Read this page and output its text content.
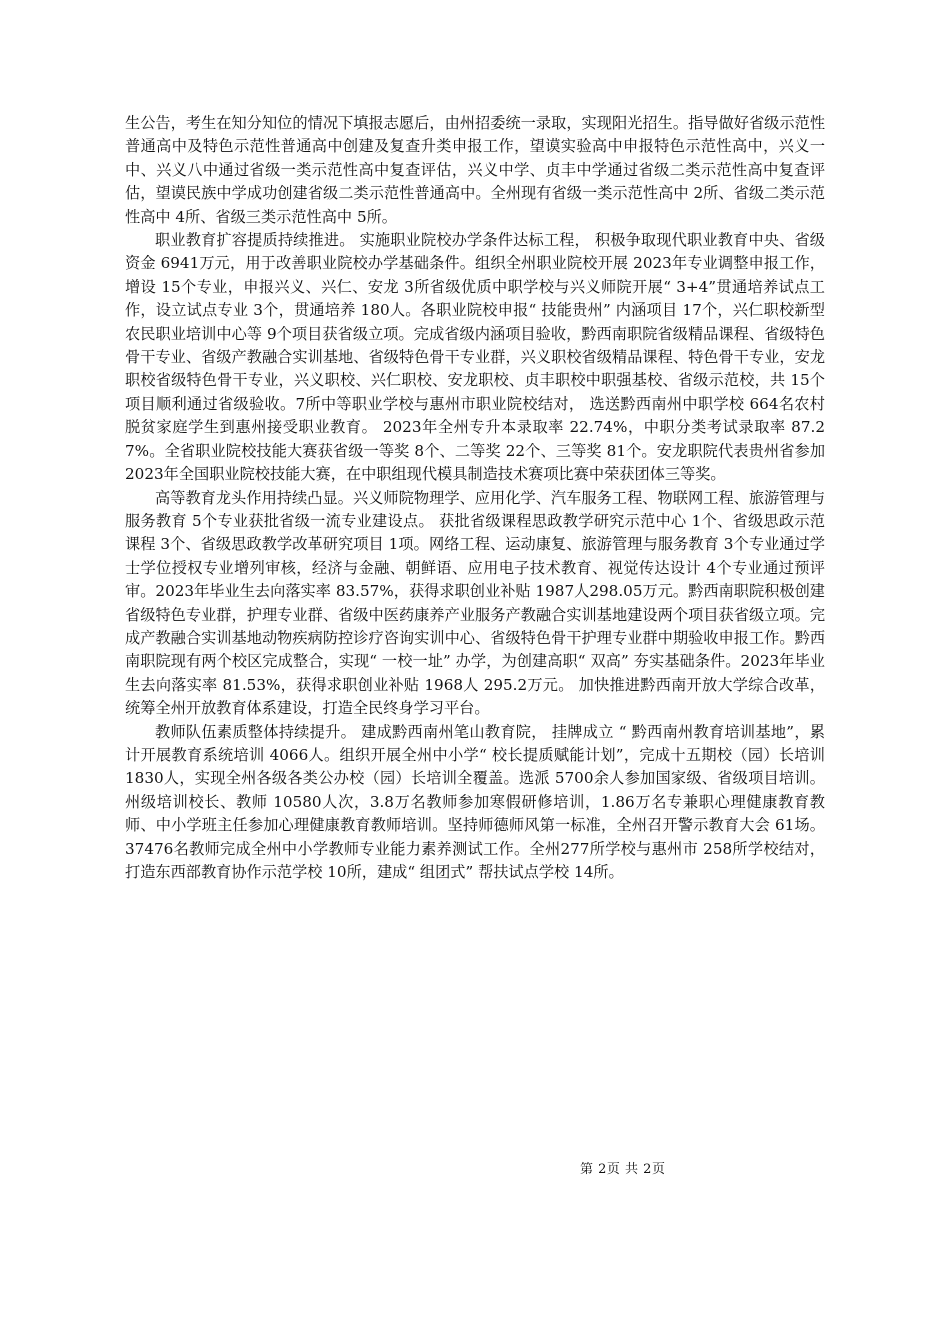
生公告，考生在知分知位的情况下填报志愿后，由州招委统一录取，实现阳光招生。指导做好省级示范性普通高中及特色示范性普通高中创建及复查升类申报工作，望谟实验高中申报特色示范性高中，兴义一中、兴义八中通过省级一类示范性高中复查评估，兴义中学、贞丰中学通过省级二类示范性高中复查评估，望谟民族中学成功创建省级二类示范性普通高中。全州现有省级一类示范性高中 2所、省级二类示范性高中 4所、省级三类示范性高中 5所。

职业教育扩容提质持续推进。 实施职业院校办学条件达标工程， 积极争取现代职业教育中央、省级资金 6941万元，用于改善职业院校办学基础条件。组织全州职业院校开展 2023年专业调整申报工作，增设 15个专业，申报兴义、兴仁、安龙 3所省级优质中职学校与兴义师院开展“ 3+4”贯通培养试点工作，设立试点专业 3个，贯通培养 180人。各职业院校申报“ 技能贵州” 内涵项目 17个，兴仁职校新型农民职业培训中心等 9个项目获省级立项。完成省级内涵项目验收，黔西南职院省级精品课程、省级特色骨干专业、省级产教融合实训基地、省级特色骨干专业群，兴义职校省级精品课程、特色骨干专业，安龙职校省级特色骨干专业，兴义职校、兴仁职校、安龙职校、贞丰职校中职强基校、省级示范校，共 15个项目顺利通过省级验收。7所中等职业学校与惠州市职业院校结对， 选送黔西南州中职学校 664名农村脱贫家庭学生到惠州接受职业教育。 2023年全州专升本录取率 22.74%，中职分类考试录取率 87.27%。全省职业院校技能大赛获省级一等奖 8个、二等奖 22个、三等奖 81个。安龙职院代表贵州省参加 2023年全国职业院校技能大赛，在中职组现代模具制造技术赛项比赛中荣获团体三等奖。

高等教育龙头作用持续凸显。兴义师院物理学、应用化学、汽车服务工程、物联网工程、旅游管理与服务教育 5个专业获批省级一流专业建设点。 获批省级课程思政教学研究示范中心 1个、省级思政示范课程 3个、省级思政教学改革研究项目 1项。网络工程、运动康复、旅游管理与服务教育 3个专业通过学士学位授权专业增列审核，经济与金融、朝鲜语、应用电子技术教育、视觉传达设计 4个专业通过预评审。2023年毕业生去向落实率 83.57%，获得求职创业补贴 1987人298.05万元。黔西南职院积极创建省级特色专业群，护理专业群、省级中医药康养产业服务产教融合实训基地建设两个项目获省级立项。完成产教融合实训基地动物疾病防控诊疗咨询实训中心、省级特色骨干护理专业群中期验收申报工作。黔西南职院现有两个校区完成整合，实现“ 一校一址” 办学，为创建高职“ 双高” 夯实基础条件。2023年毕业生去向落实率 81.53%，获得求职创业补贴 1968人 295.2万元。 加快推进黔西南开放大学综合改革， 统筹全州开放教育体系建设，打造全民终身学习平台。

教师队伍素质整体持续提升。 建成黔西南州笔山教育院， 挂牌成立 “ 黔西南州教育培训基地”，累计开展教育系统培训 4066人。组织开展全州中小学“ 校长提质赋能计划”，完成十五期校（园）长培训 1830人，实现全州各级各类公办校（园）长培训全覆盖。选派 5700余人参加国家级、省级项目培训。州级培训校长、教师 10580人次，3.8万名教师参加寒假研修培训，1.86万名专兼职心理健康教育教师、中小学班主任参加心理健康教育教师培训。坚持师德师风第一标准，全州召开警示教育大会 61场。37476名教师完成全州中小学教师专业能力素养测试工作。全州277所学校与惠州市 258所学校结对，打造东西部教育协作示范学校 10所，建成“ 组团式” 帮扶试点学校 14所。

第 2页 共 2页
